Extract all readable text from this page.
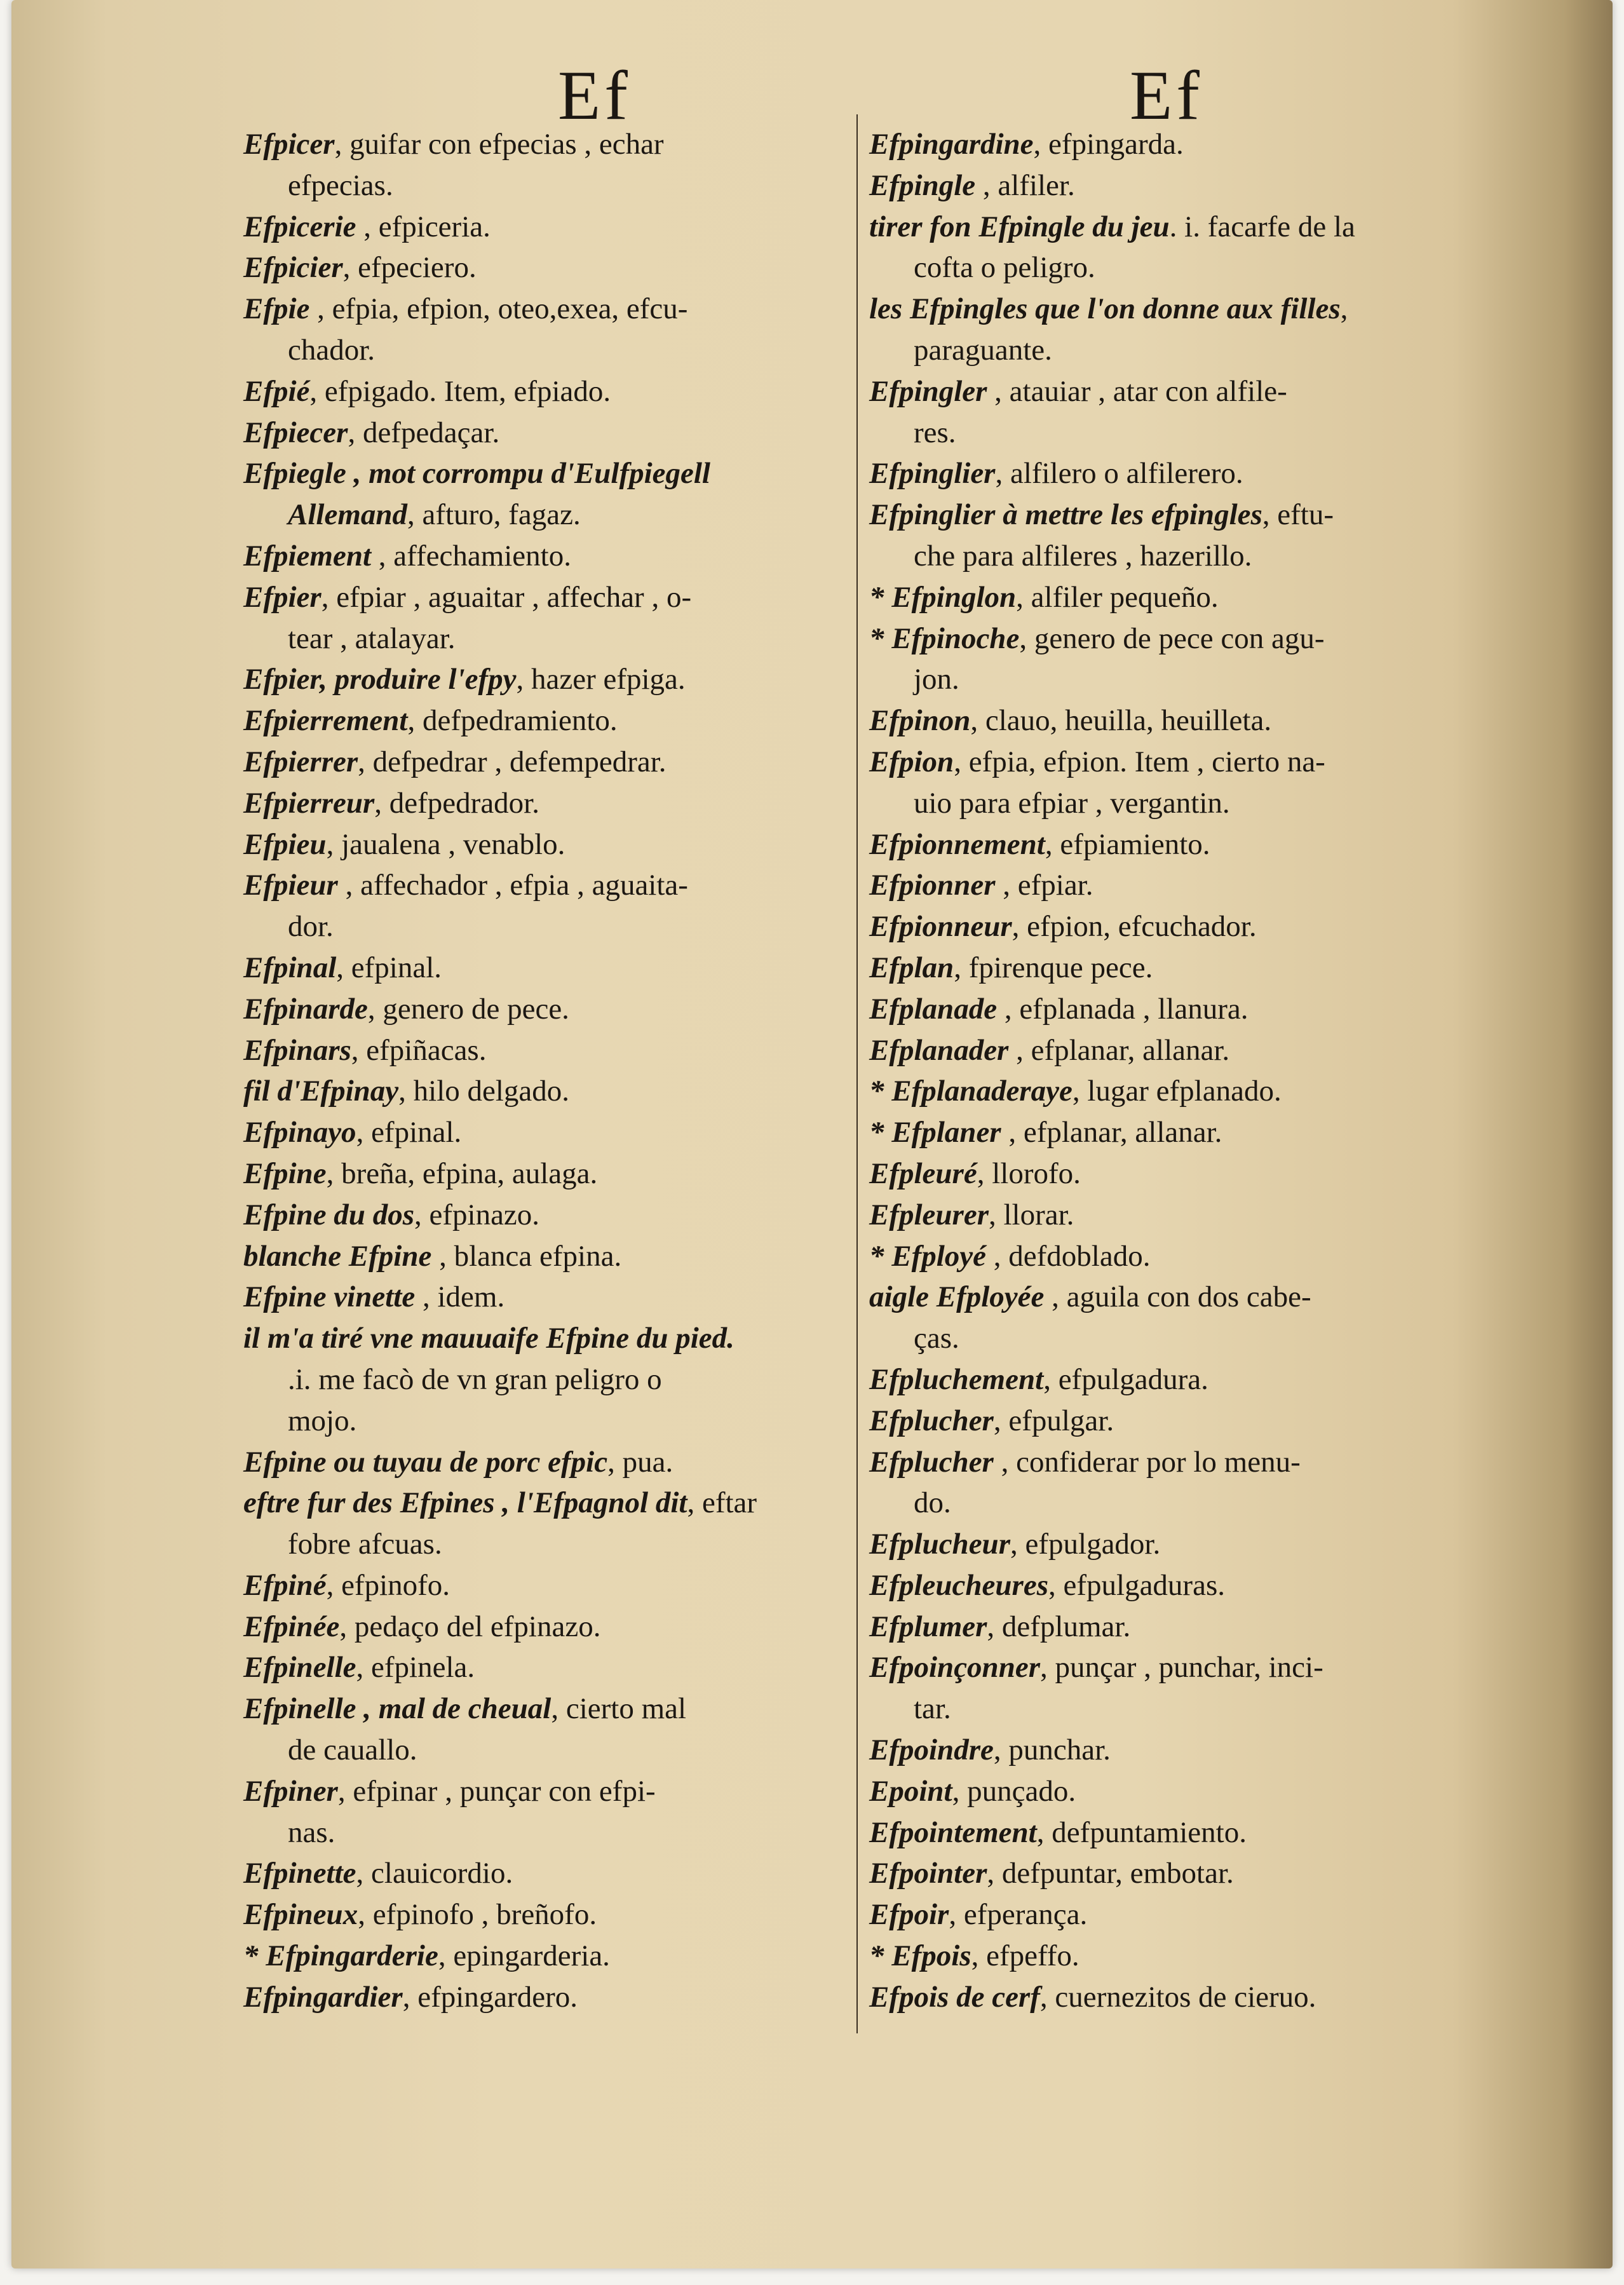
Ef	Ef
Efpicer, guifar con efpecias , echar
efpecias.
Efpicerie , efpiceria.
Efpicier, efpeciero.
Efpie , efpia, efpion, oteo,exea, efcu-
chador.
Efpié, efpigado. Item, efpiado.
Efpiecer, defpedaçar.
Efpiegle , mot corrompu d'Eulfpiegell
Allemand, afturo, fagaz.
Efpiement , affechamiento.
Efpier, efpiar , aguaitar , affechar , o-
tear , atalayar.
Efpier, produire l'efpy, hazer efpiga.
Efpierrement, defpedramiento.
Efpierrer, defpedrar , defempedrar.
Efpierreur, defpedrador.
Efpieu, jaualena , venablo.
Efpieur , affechador , efpia , aguaita-
dor.
Efpinal, efpinal.
Efpinarde, genero de pece.
Efpinars, efpiñacas.
fil d'Efpinay, hilo delgado.
Efpinayo, efpinal.
Efpine, breña, efpina, aulaga.
Efpine du dos, efpinazo.
blanche Efpine , blanca efpina.
Efpine vinette , idem.
il m'a tiré vne mauuaife Efpine du pied.
.i. me facò de vn gran peligro o
mojo.
Efpine ou tuyau de porc efpic, pua.
eftre fur des Efpines , l'Efpagnol dit, eftar
fobre afcuas.
Efpiné, efpinofo.
Efpinée, pedaço del efpinazo.
Efpinelle, efpinela.
Efpinelle , mal de cheual, cierto mal
de cauallo.
Efpiner, efpinar , punçar con efpi-
nas.
Efpinette, clauicordio.
Efpineux, efpinofo , breñofo.
* Efpingarderie, epingarderia.
Efpingardier, efpingardero.
Efpingardine, efpingarda.
Efpingle , alfiler.
tirer fon Efpingle du jeu. i. facarfe de la
cofta o peligro.
les Efpingles que l'on donne aux filles,
paraguante.
Efpingler , atauiar , atar con alfile-
res.
Efpinglier, alfilero o alfilerero.
Efpinglier à mettre les efpingles, eftu-
che para alfileres , hazerillo.
* Efpinglon, alfiler pequeño.
* Efpinoche, genero de pece con agu-
jon.
Efpinon, clauo, heuilla, heuilleta.
Efpion, efpia, efpion. Item , cierto na-
uio para efpiar , vergantin.
Efpionnement, efpiamiento.
Efpionner , efpiar.
Efpionneur, efpion, efcuchador.
Efplan, fpirenque pece.
Efplanade , efplanada , llanura.
Efplanader , efplanar, allanar.
* Efplanaderaye, lugar efplanado.
* Efplaner , efplanar, allanar.
Efpleuré, llorofo.
Efpleurer, llorar.
* Efployé , defdoblado.
aigle Efployée , aguila con dos cabe-
ças.
Efpluchement, efpulgadura.
Efplucher, efpulgar.
Efplucher , confiderar por lo menu-
do.
Efplucheur, efpulgador.
Efpleucheures, efpulgaduras.
Efplumer, defplumar.
Efpoinçonner, punçar , punchar, inci-
tar.
Efpoindre, punchar.
Epoint, punçado.
Efpointement, defpuntamiento.
Efpointer, defpuntar, embotar.
Efpoir, efperança.
* Efpois, efpeffo.
Efpois de cerf, cuernezitos de cieruo.
